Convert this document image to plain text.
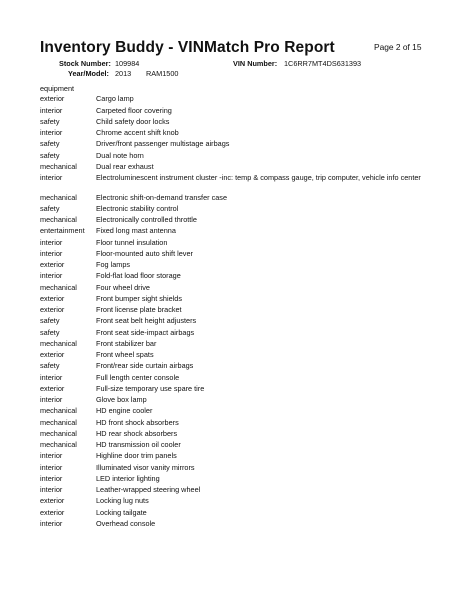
Inventory Buddy - VINMatch Pro Report	Page 2 of 15
Stock Number: 109984	VIN Number: 1C6RR7MT4DS631393
Year/Model: 2013 RAM1500
equipment
exterior	Cargo lamp
interior	Carpeted floor covering
safety	Child safety door locks
interior	Chrome accent shift knob
safety	Driver/front passenger multistage airbags
safety	Dual note horn
mechanical	Dual rear exhaust
interior	Electroluminescent instrument cluster -inc: temp & compass gauge, trip computer, vehicle info center
mechanical	Electronic shift-on-demand transfer case
safety	Electronic stability control
mechanical	Electronically controlled throttle
entertainment	Fixed long mast antenna
interior	Floor tunnel insulation
interior	Floor-mounted auto shift lever
exterior	Fog lamps
interior	Fold-flat load floor storage
mechanical	Four wheel drive
exterior	Front bumper sight shields
exterior	Front license plate bracket
safety	Front seat belt height adjusters
safety	Front seat side-impact airbags
mechanical	Front stabilizer bar
exterior	Front wheel spats
safety	Front/rear side curtain airbags
interior	Full length center console
exterior	Full-size temporary use spare tire
interior	Glove box lamp
mechanical	HD engine cooler
mechanical	HD front shock absorbers
mechanical	HD rear shock absorbers
mechanical	HD transmission oil cooler
interior	Highline door trim panels
interior	Illuminated visor vanity mirrors
interior	LED interior lighting
interior	Leather-wrapped steering wheel
exterior	Locking lug nuts
exterior	Locking tailgate
interior	Overhead console
